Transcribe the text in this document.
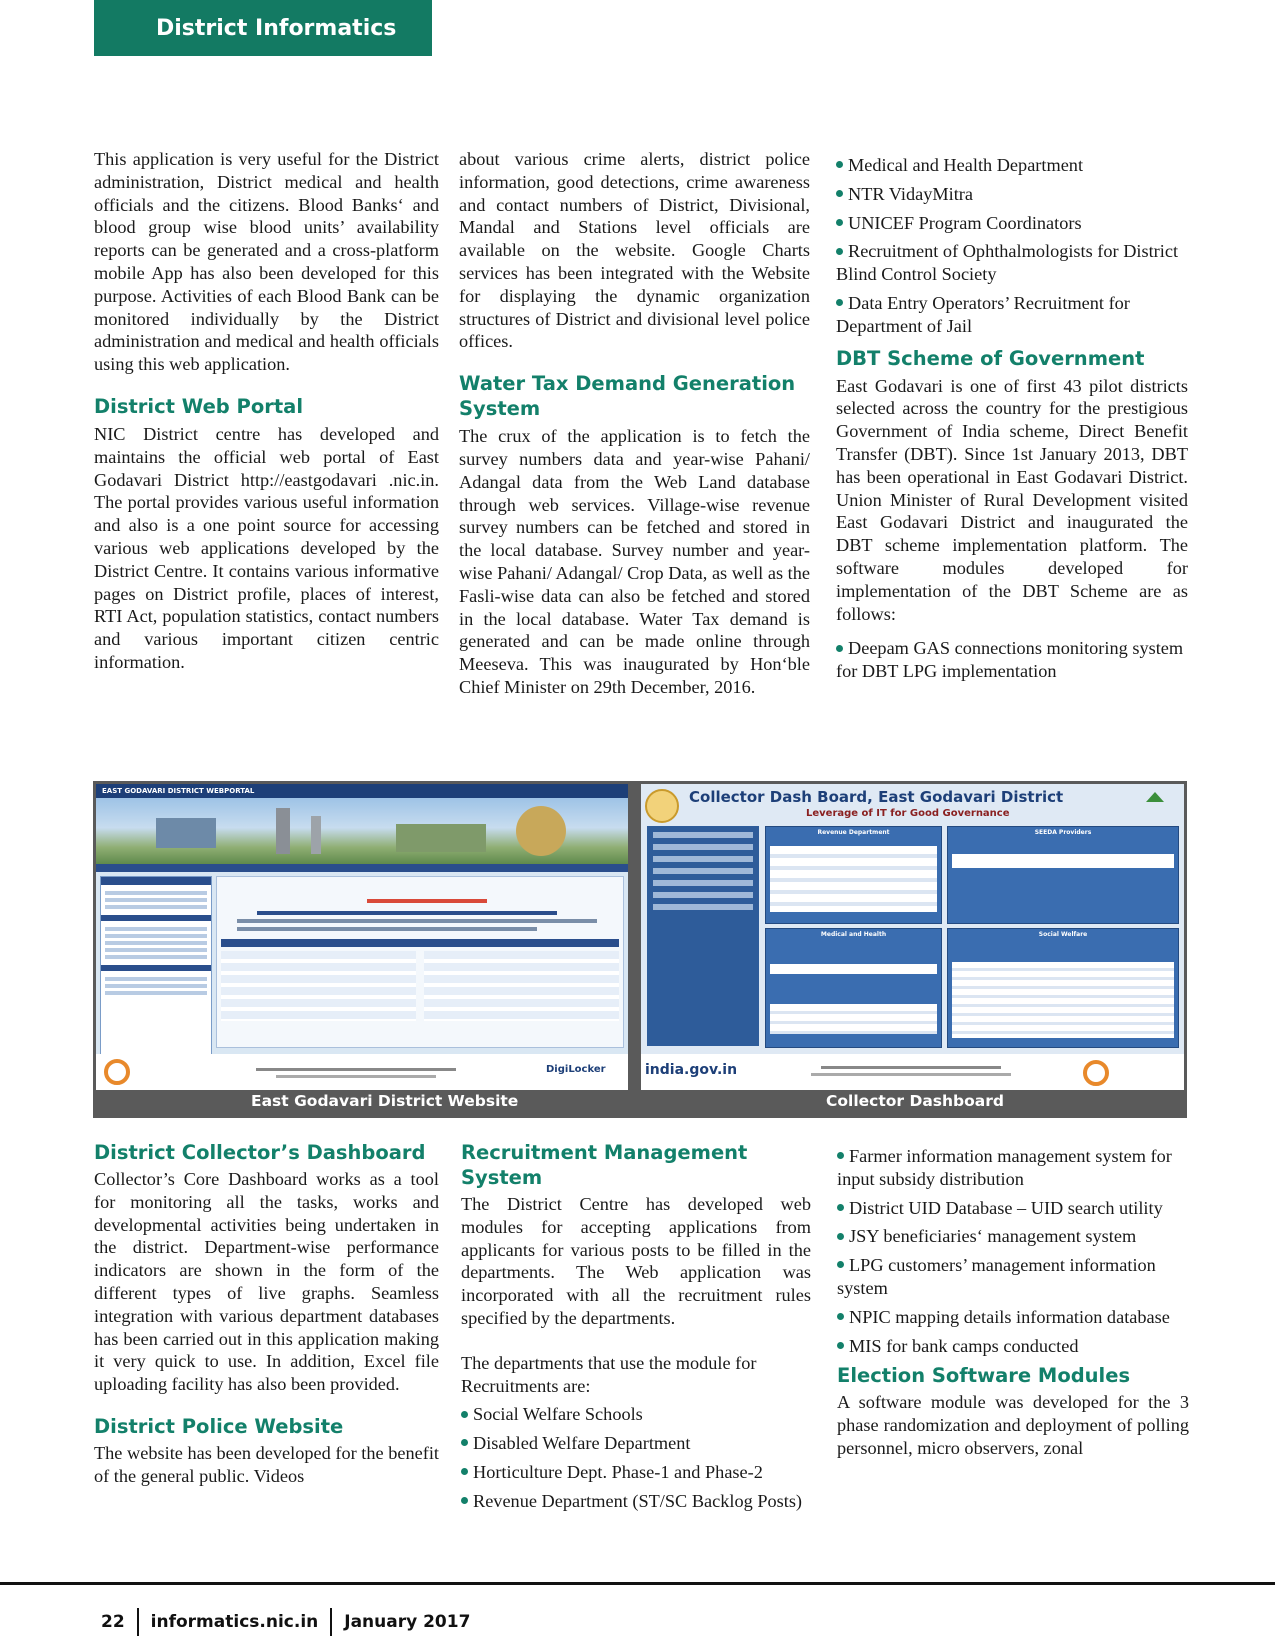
District Informatics

This application is very useful for the District administration, District medical and health officials and the citizens. Blood Banks‘ and blood group wise blood units’ availability reports can be generated and a cross-platform mobile App has also been developed for this purpose. Activities of each Blood Bank can be monitored individually by the District administration and medical and health officials using this web application.

District Web Portal

NIC District centre has developed and maintains the official web portal of East Godavari District http://eastgodavari .nic.in. The portal provides various useful information and also is a one point source for accessing various web applications developed by the District Centre. It contains various informative pages on District profile, places of interest, RTI Act, population statistics, contact numbers and various important citizen centric information.

about various crime alerts, district police information, good detections, crime awareness and contact numbers of District, Divisional, Mandal and Stations level officials are available on the website. Google Charts services has been integrated with the Website for displaying the dynamic organization structures of District and divisional level police offices.

Water Tax Demand Generation System

The crux of the application is to fetch the survey numbers data and year-wise Pahani/ Adangal data from the Web Land database through web services. Village-wise revenue survey numbers can be fetched and stored in the local database. Survey number and year-wise Pahani/ Adangal/ Crop Data, as well as the Fasli-wise data can also be fetched and stored in the local database. Water Tax demand is generated and can be made online through Meeseva. This was inaugurated by Hon‘ble Chief Minister on 29th December, 2016.

Medical and Health Department
NTR VidayMitra
UNICEF Program Coordinators
Recruitment of Ophthalmologists for District Blind Control Society
Data Entry Operators’ Recruitment for Department of Jail
DBT Scheme of Government

East Godavari is one of first 43 pilot districts selected across the country for the prestigious Government of India scheme, Direct Benefit Transfer (DBT). Since 1st January 2013, DBT has been operational in East Godavari District. Union Minister of Rural Development visited East Godavari District and inaugurated the DBT scheme implementation platform. The software modules developed for implementation of the DBT Scheme are as follows:

Deepam GAS connections monitoring system for DBT LPG implementation
EAST GODAVARI DISTRICT WEBPORTAL
DigiLocker
Collector Dash Board, East Godavari District
Leverage of IT for Good Governance
Revenue Department	SEEDA Providers
Medical and Health	Social Welfare
india.gov.in
East Godavari District Website	Collector Dashboard
District Collector’s Dashboard

Collector’s Core Dashboard works as a tool for monitoring all the tasks, works and developmental activities being undertaken in the district. Department-wise performance indicators are shown in the form of the different types of live graphs. Seamless integration with various department databases has been carried out in this application making it very quick to use. In addition, Excel file uploading facility has also been provided.

District Police Website

The website has been developed for the benefit of the general public. Videos

Recruitment Management System

The District Centre has developed web modules for accepting applications from applicants for various posts to be filled in the departments. The Web application was incorporated with all the recruitment rules specified by the departments.

The departments that use the module for Recruitments are:

Social Welfare Schools
Disabled Welfare Department
Horticulture Dept. Phase-1 and Phase-2
Revenue Department (ST/SC Backlog Posts)
Farmer information management system for input subsidy distribution
District UID Database – UID search utility
JSY beneficiaries‘ management system
LPG customers’ management information system
NPIC mapping details information database
MIS for bank camps conducted
Election Software Modules

A software module was developed for the 3 phase randomization and deployment of polling personnel, micro observers, zonal

22 informatics.nic.in January 2017
